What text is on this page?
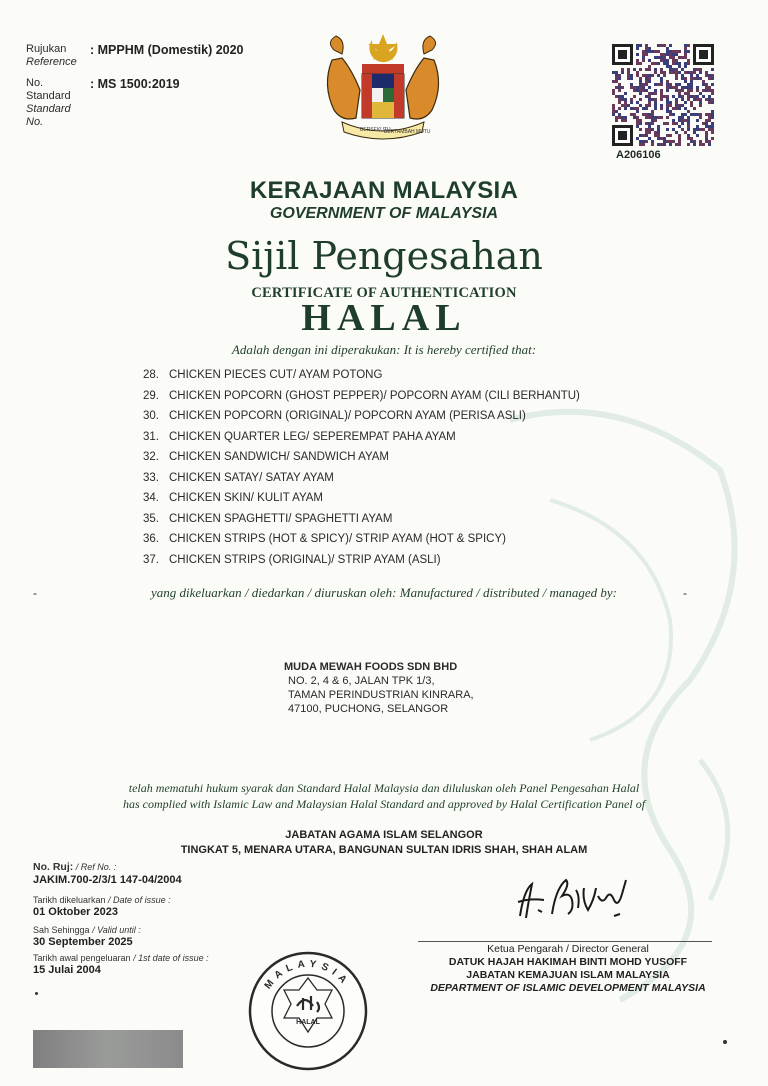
Rujukan
Reference
: MPPHM (Domestik) 2020
No.
Standard
Standard
No.
: MS 1500:2019
BERSEKUTU
BERTAMBAH MUTU
A206106
KERAJAAN MALAYSIA
GOVERNMENT OF MALAYSIA
Sijil Pengesahan
CERTIFICATE OF AUTHENTICATION
HALAL
Adalah dengan ini diperakukan: It is hereby certified that:
28. CHICKEN PIECES CUT/ AYAM POTONG
29. CHICKEN POPCORN (GHOST PEPPER)/ POPCORN AYAM (CILI BERHANTU)
30. CHICKEN POPCORN (ORIGINAL)/ POPCORN AYAM (PERISA ASLI)
31. CHICKEN QUARTER LEG/ SEPEREMPAT PAHA AYAM
32. CHICKEN SANDWICH/ SANDWICH AYAM
33. CHICKEN SATAY/ SATAY AYAM
34. CHICKEN SKIN/ KULIT AYAM
35. CHICKEN SPAGHETTI/ SPAGHETTI AYAM
36. CHICKEN STRIPS (HOT & SPICY)/ STRIP AYAM (HOT & SPICY)
37. CHICKEN STRIPS (ORIGINAL)/ STRIP AYAM (ASLI)
-	yang dikeluarkan / diedarkan / diuruskan oleh: Manufactured / distributed / managed by:	-
MUDA MEWAH FOODS SDN BHD
NO. 2, 4 & 6, JALAN TPK 1/3,
TAMAN PERINDUSTRIAN KINRARA,
47100, PUCHONG, SELANGOR
telah mematuhi hukum syarak dan Standard Halal Malaysia dan diluluskan oleh Panel Pengesahan Halal
has complied with Islamic Law and Malaysian Halal Standard and approved by Halal Certification Panel of
JABATAN AGAMA ISLAM SELANGOR
TINGKAT 5, MENARA UTARA, BANGUNAN SULTAN IDRIS SHAH, SHAH ALAM
No. Ruj: / Ref No. :
JAKIM.700-2/3/1 147-04/2004
Tarikh dikeluarkan / Date of issue :
01 Oktober 2023
Sah Sehingga / Valid until :
30 September 2025
Tarikh awal pengeluaran / 1st date of issue :
15 Julai 2004
Ketua Pengarah / Director General
DATUK HAJAH HAKIMAH BINTI MOHD YUSOFF
JABATAN KEMAJUAN ISLAM MALAYSIA
DEPARTMENT OF ISLAMIC DEVELOPMENT MALAYSIA
MALAYSIA
HALAL
